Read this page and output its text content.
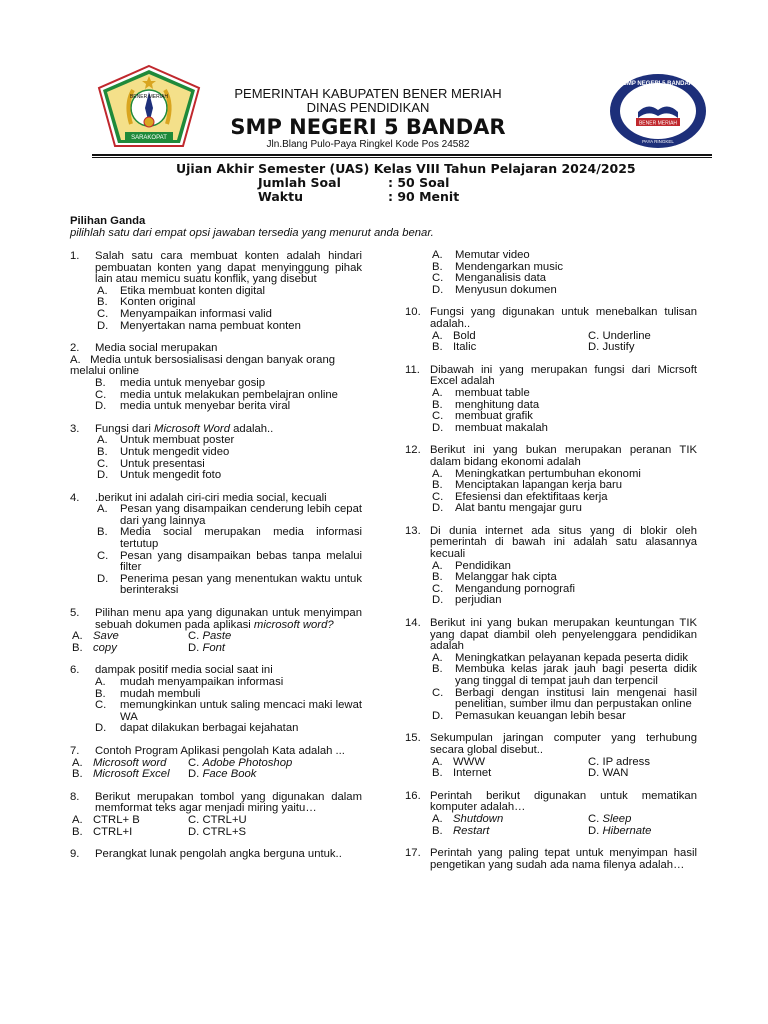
SARAKOPAT
BENER MERIAH	PEMERINTAH KABUPATEN BENER MERIAH
DINAS PENDIDIKAN
SMP NEGERI 5 BANDAR
Jln.Blang Pulo-Paya Ringkel Kode Pos 24582
BENER MERIAH
SMP NEGERI 5 BANDAR
PAYA RINGKEL
Ujian Akhir Semester (UAS) Kelas VIII Tahun Pelajaran 2024/2025
Jumlah Soal	: 50 Soal
Waktu	: 90 Menit
Pilihan Ganda
pilihlah satu dari empat opsi jawaban tersedia yang menurut anda benar.
1. Salah satu cara membuat konten adalah hindari pembuatan konten yang dapat menyinggung pihak lain atau memicu suatu konflik, yang disebut
A. Etika membuat konten digital
B. Konten original
C. Menyampaikan informasi valid
D. Menyertakan nama pembuat konten
2. Media social merupakan
A. Media untuk bersosialisasi dengan banyak orang melalui online
B. media untuk menyebar gosip
C. media untuk melakukan pembelajran online
D. media untuk menyebar berita viral
3. Fungsi dari Microsoft Word adalah..
A. Untuk membuat poster
B. Untuk mengedit video
C. Untuk presentasi
D. Untuk mengedit foto
4. .berikut ini adalah ciri-ciri media social, kecuali
A. Pesan yang disampaikan cenderung lebih cepat dari yang lainnya
B. Media social merupakan media informasi tertutup
C. Pesan yang disampaikan bebas tanpa melalui filter
D. Penerima pesan yang menentukan waktu untuk berinteraksi
5. Pilihan menu apa yang digunakan untuk menyimpan sebuah dokumen pada aplikasi microsoft word?
A. Save	C. Paste
B. copy	D. Font
6. dampak positif media social saat ini
A. mudah menyampaikan informasi
B. mudah membuli
C. memungkinkan untuk saling mencaci maki lewat WA
D. dapat dilakukan berbagai kejahatan
7. Contoh Program Aplikasi pengolah Kata adalah ...
A. Microsoft word	C. Adobe Photoshop
B. Microsoft Excel	D. Face Book
8. Berikut merupakan tombol yang digunakan dalam memformat teks agar menjadi miring yaitu…
A. CTRL+ B	C. CTRL+U
B. CTRL+I	D. CTRL+S
9. Perangkat lunak pengolah angka berguna untuk..
A. Memutar video
B. Mendengarkan music
C. Menganalisis data
D. Menyusun dokumen
10. Fungsi yang digunakan untuk menebalkan tulisan adalah..
A. Bold	C. Underline
B. Italic	D. Justify
11. Dibawah ini yang merupakan fungsi dari Micrsoft Excel adalah
A. membuat table
B. menghitung data
C. membuat grafik
D. membuat makalah
12. Berikut ini yang bukan merupakan peranan TIK dalam bidang ekonomi adalah
A. Meningkatkan pertumbuhan ekonomi
B. Menciptakan lapangan kerja baru
C. Efesiensi dan efektifitaas kerja
D. Alat bantu mengajar guru
13. Di dunia internet ada situs yang di blokir oleh pemerintah di bawah ini adalah satu alasannya kecuali
A. Pendidikan
B. Melanggar hak cipta
C. Mengandung pornografi
D. perjudian
14. Berikut ini yang bukan merupakan keuntungan TIK yang dapat diambil oleh penyelenggara pendidikan adalah
A. Meningkatkan pelayanan kepada peserta didik
B. Membuka kelas jarak jauh bagi peserta didik yang tinggal di tempat jauh dan terpencil
C. Berbagi dengan institusi lain mengenai hasil penelitian, sumber ilmu dan perpustakan online
D. Pemasukan keuangan lebih besar
15. Sekumpulan jaringan computer yang terhubung secara global disebut..
A. WWW	C. IP adress
B. Internet	D. WAN
16. Perintah berikut digunakan untuk mematikan komputer adalah…
A. Shutdown	C. Sleep
B. Restart	D. Hibernate
17. Perintah yang paling tepat untuk menyimpan hasil pengetikan yang sudah ada nama filenya adalah…
